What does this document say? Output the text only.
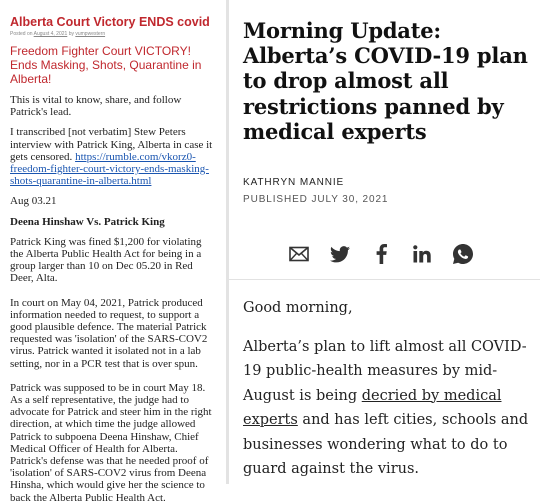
Alberta Court Victory ENDS covid
Posted on August 4, 2021 by vumpwestern
Freedom Fighter Court VICTORY! Ends Masking, Shots, Quarantine in Alberta!
This is vital to know, share, and follow Patrick's lead.
I transcribed [not verbatim] Stew Peters interview with Patrick King, Alberta in case it gets censored. https://rumble.com/vkorz0-freedom-fighter-court-victory-ends-masking-shots-quarantine-in-alberta.html
Aug 03.21
Deena Hinshaw Vs. Patrick King
Patrick King was fined $1,200 for violating the Alberta Public Health Act for being in a group larger than 10 on Dec 05.20 in Red Deer, Alta.
In court on May 04, 2021, Patrick produced information needed to request, to support a good plausible defence. The material Patrick requested was 'isolation' of the SARS-COV2 virus. Patrick wanted it isolated not in a lab setting, nor in a PCR test that is over spun.
Patrick was supposed to be in court May 18. As a self representative, the judge had to advocate for Patrick and steer him in the right direction, at which time the judge allowed Patrick to subpoena Deena Hinshaw, Chief Medical Officer of Health for Alberta. Patrick's defense was that he needed proof of 'isolation' of SARS-COV2 virus from Deena Hinsha, which would give her the science to back the Alberta Public Health Act.
Morning Update: Alberta’s COVID-19 plan to drop almost all restrictions panned by medical experts
KATHRYN MANNIE
PUBLISHED JULY 30, 2021
Good morning,
Alberta’s plan to lift almost all COVID-19 public-health measures by mid-August is being decried by medical experts and has left cities, schools and businesses wondering what to do to guard against the virus.
